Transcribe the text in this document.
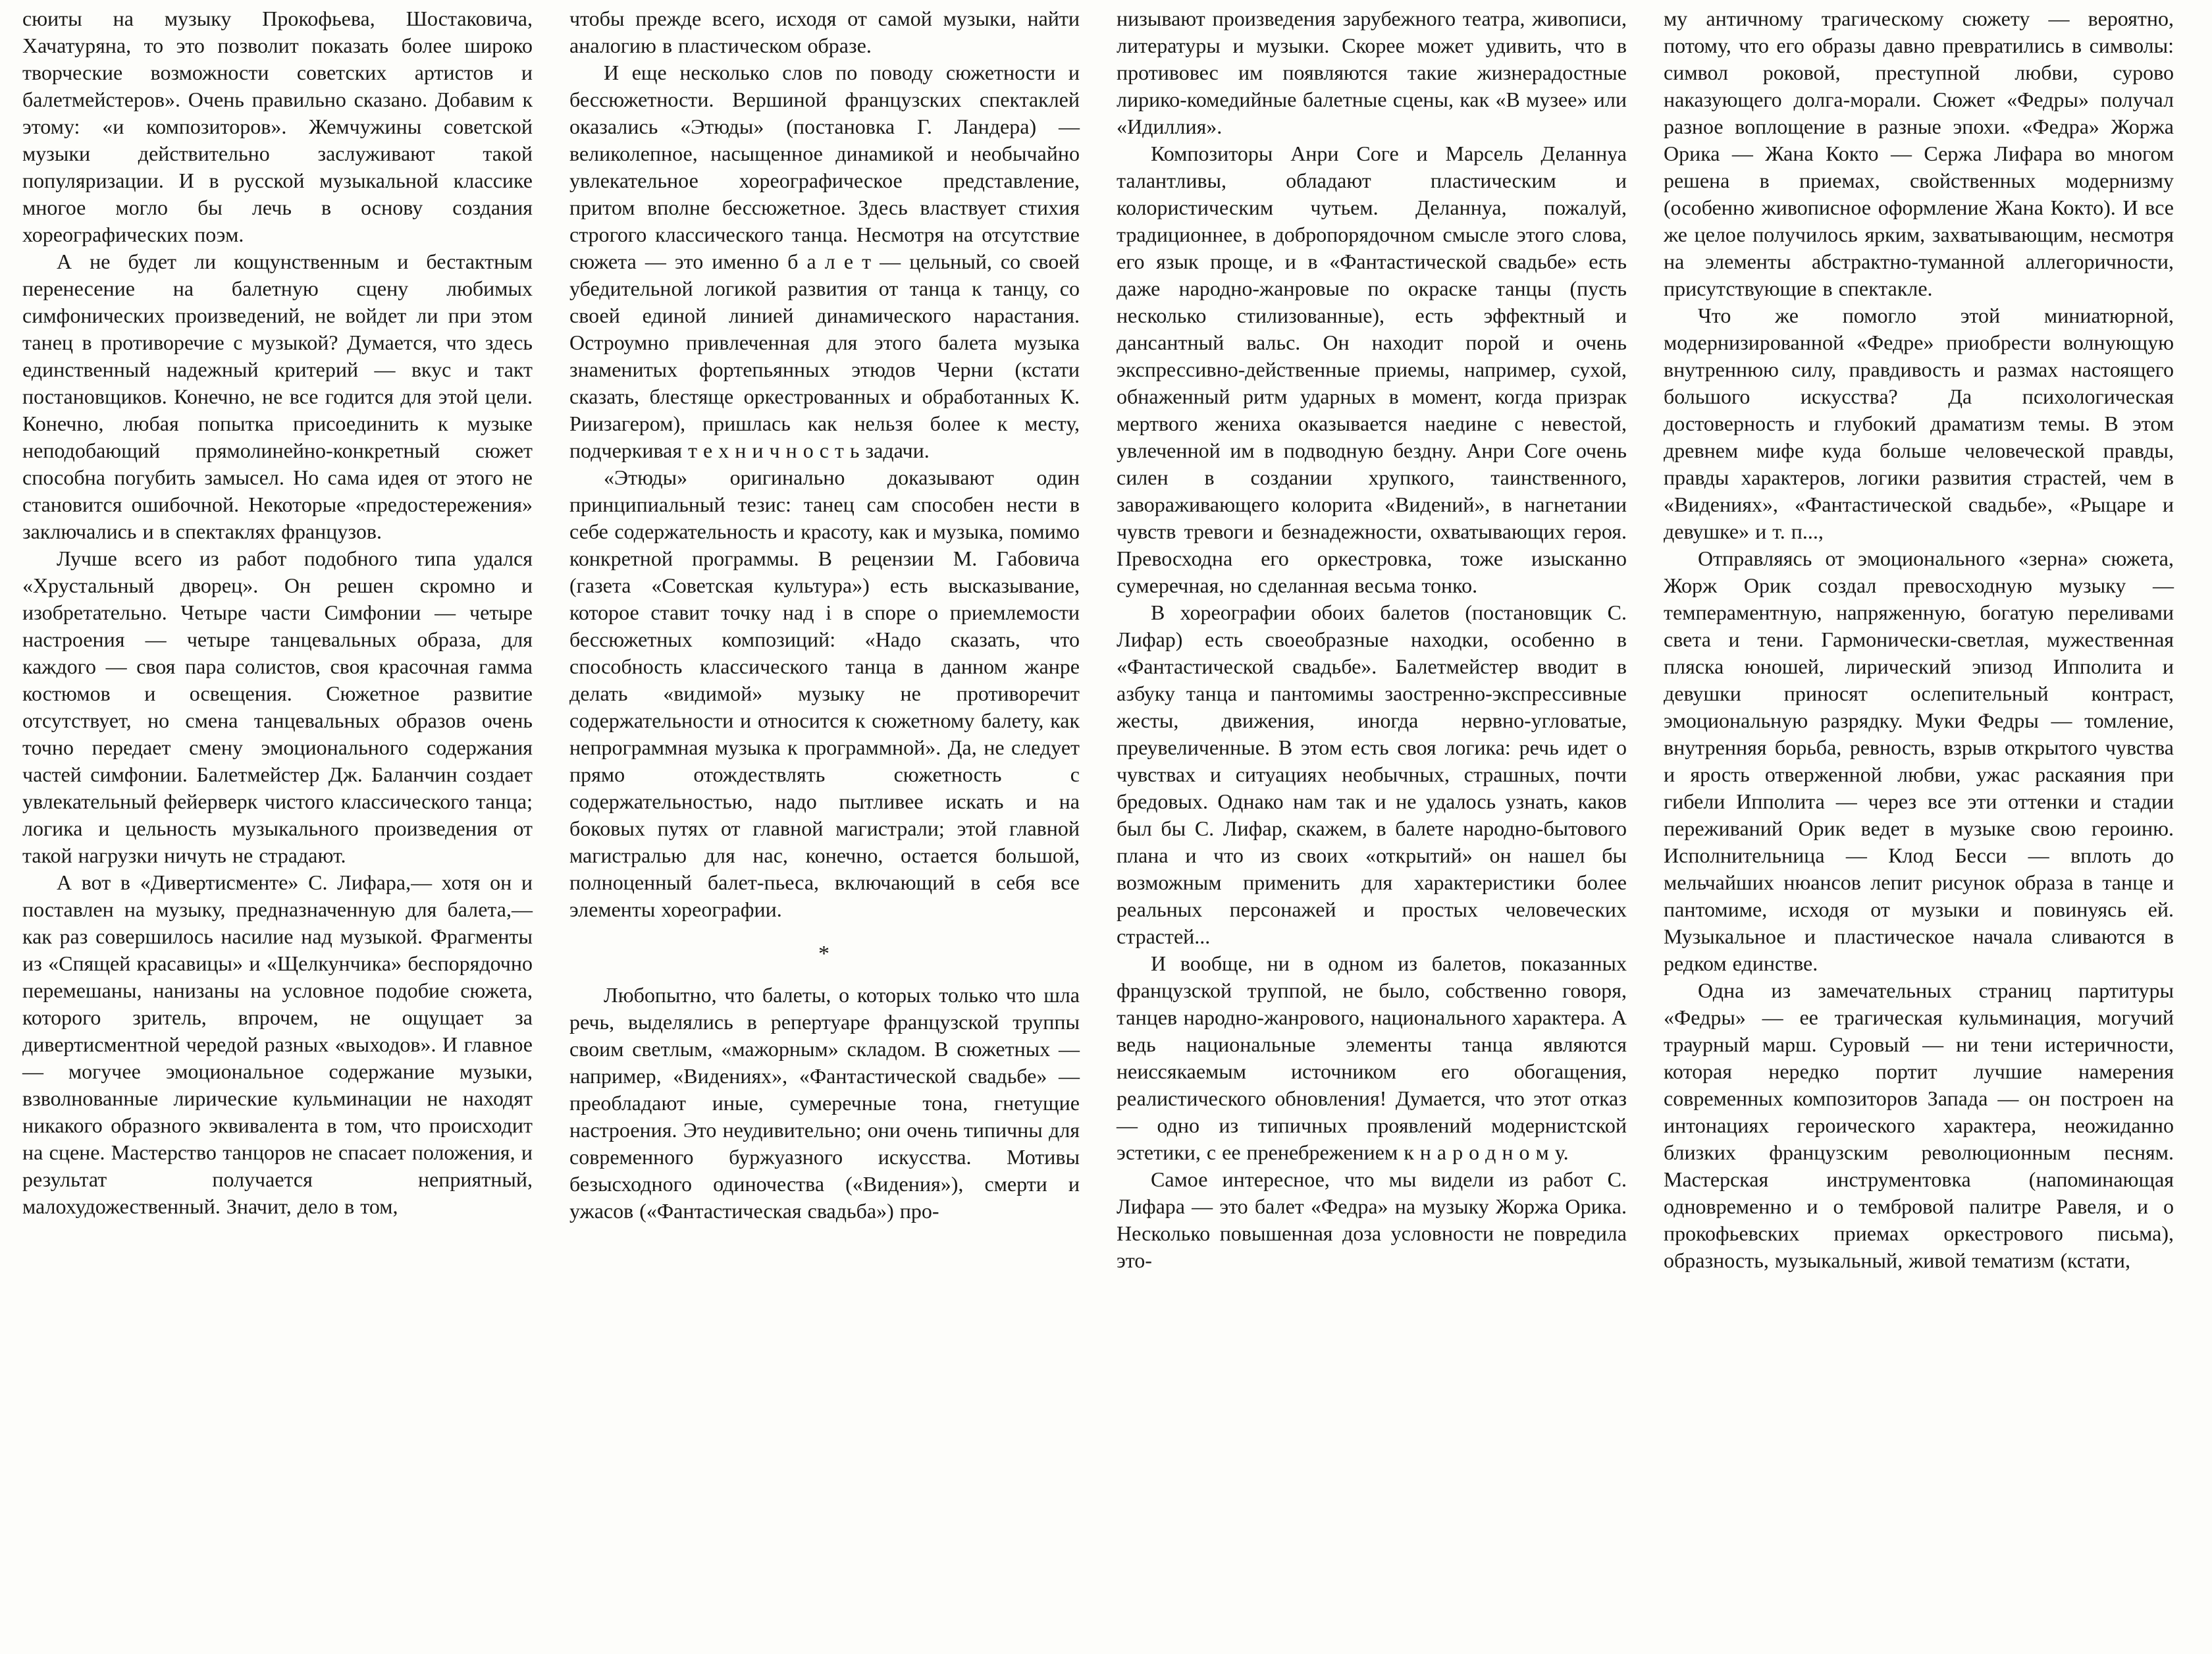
сюиты на музыку Прокофьева, Шостаковича, Хачатуряна, то это позволит показать более широко творческие возможности советских артистов и балетмейстеров». Очень правильно сказано. Добавим к этому: «и композиторов». Жемчужины советской музыки действительно заслуживают такой популяризации. И в русской музыкальной классике многое могло бы лечь в основу создания хореографических поэм.

А не будет ли кощунственным и бестактным перенесение на балетную сцену любимых симфонических произведений, не войдет ли при этом танец в противоречие с музыкой? Думается, что здесь единственный надежный критерий — вкус и такт постановщиков. Конечно, не все годится для этой цели. Конечно, любая попытка присоединить к музыке неподобающий прямолинейно-конкретный сюжет способна погубить замысел. Но сама идея от этого не становится ошибочной. Некоторые «предостережения» заключались и в спектаклях французов.

Лучше всего из работ подобного типа удался «Хрустальный дворец». Он решен скромно и изобретательно. Четыре части Симфонии — четыре настроения — четыре танцевальных образа, для каждого — своя пара солистов, своя красочная гамма костюмов и освещения. Сюжетное развитие отсутствует, но смена танцевальных образов очень точно передает смену эмоционального содержания частей симфонии. Балетмейстер Дж. Баланчин создает увлекательный фейерверк чистого классического танца; логика и цельность музыкального произведения от такой нагрузки ничуть не страдают.

А вот в «Дивертисменте» С. Лифара,— хотя он и поставлен на музыку, предназначенную для балета,— как раз совершилось насилие над музыкой. Фрагменты из «Спящей красавицы» и «Щелкунчика» беспорядочно перемешаны, нанизаны на условное подобие сюжета, которого зритель, впрочем, не ощущает за дивертисментной чередой разных «выходов». И главное — могучее эмоциональное содержание музыки, взволнованные лирические кульминации не находят никакого образного эквивалента в том, что происходит на сцене. Мастерство танцоров не спасает положения, и результат получается неприятный, малохудожественный. Значит, дело в том,

чтобы прежде всего, исходя от самой музыки, найти аналогию в пластическом образе.

И еще несколько слов по поводу сюжетности и бессюжетности. Вершиной французских спектаклей оказались «Этюды» (постановка Г. Ландера) — великолепное, насыщенное динамикой и необычайно увлекательное хореографическое представление, притом вполне бессюжетное. Здесь властвует стихия строгого классического танца. Несмотря на отсутствие сюжета — это именно б а л е т — цельный, со своей убедительной логикой развития от танца к танцу, со своей единой линией динамического нарастания. Остроумно привлеченная для этого балета музыка знаменитых фортепьянных этюдов Черни (кстати сказать, блестяще оркестрованных и обработанных К. Риизагером), пришлась как нельзя более к месту, подчеркивая т е х н и ч н о с т ь задачи.

«Этюды» оригинально доказывают один принципиальный тезис: танец сам способен нести в себе содержательность и красоту, как и музыка, помимо конкретной программы. В рецензии М. Габовича (газета «Советская культура») есть высказывание, которое ставит точку над i в споре о приемлемости бессюжетных композиций: «Надо сказать, что способность классического танца в данном жанре делать «видимой» музыку не противоречит содержательности и относится к сюжетному балету, как непрограммная музыка к программной». Да, не следует прямо отождествлять сюжетность с содержательностью, надо пытливее искать и на боковых путях от главной магистрали; этой главной магистралью для нас, конечно, остается большой, полноценный балет-пьеса, включающий в себя все элементы хореографии.

*

Любопытно, что балеты, о которых только что шла речь, выделялись в репертуаре французской труппы своим светлым, «мажорным» складом. В сюжетных — например, «Видениях», «Фантастической свадьбе» — преобладают иные, сумеречные тона, гнетущие настроения. Это неудивительно; они очень типичны для современного буржуазного искусства. Мотивы безысходного одиночества («Видения»), смерти и ужасов («Фантастическая свадьба») про-

низывают произведения зарубежного театра, живописи, литературы и музыки. Скорее может удивить, что в противовес им появляются такие жизнерадостные лирико-комедийные балетные сцены, как «В музее» или «Идиллия».

Композиторы Анри Соге и Марсель Деланнуа талантливы, обладают пластическим и колористическим чутьем. Деланнуа, пожалуй, традиционнее, в добропорядочном смысле этого слова, его язык проще, и в «Фантастической свадьбе» есть даже народно-жанровые по окраске танцы (пусть несколько стилизованные), есть эффектный и дансантный вальс. Он находит порой и очень экспрессивно-действенные приемы, например, сухой, обнаженный ритм ударных в момент, когда призрак мертвого жениха оказывается наедине с невестой, увлеченной им в подводную бездну. Анри Соге очень силен в создании хрупкого, таинственного, завораживающего колорита «Видений», в нагнетании чувств тревоги и безнадежности, охватывающих героя. Превосходна его оркестровка, тоже изысканно сумеречная, но сделанная весьма тонко.

В хореографии обоих балетов (постановщик С. Лифар) есть своеобразные находки, особенно в «Фантастической свадьбе». Балетмейстер вводит в азбуку танца и пантомимы заостренно-экспрессивные жесты, движения, иногда нервно-угловатые, преувеличенные. В этом есть своя логика: речь идет о чувствах и ситуациях необычных, страшных, почти бредовых. Однако нам так и не удалось узнать, каков был бы С. Лифар, скажем, в балете народно-бытового плана и что из своих «открытий» он нашел бы возможным применить для характеристики более реальных персонажей и простых человеческих страстей...

И вообще, ни в одном из балетов, показанных французской труппой, не было, собственно говоря, танцев народно-жанрового, национального характера. А ведь национальные элементы танца являются неиссякаемым источником его обогащения, реалистического обновления! Думается, что этот отказ — одно из типичных проявлений модернистской эстетики, с ее пренебрежением к н а р о д н о м у.

Самое интересное, что мы видели из работ С. Лифара — это балет «Федра» на музыку Жоржа Орика. Несколько повышенная доза условности не повредила это-

му античному трагическому сюжету — вероятно, потому, что его образы давно превратились в символы: символ роковой, преступной любви, сурово наказующего долга-морали. Сюжет «Федры» получал разное воплощение в разные эпохи. «Федра» Жоржа Орика — Жана Кокто — Сержа Лифара во многом решена в приемах, свойственных модернизму (особенно живописное оформление Жана Кокто). И все же целое получилось ярким, захватывающим, несмотря на элементы абстрактно-туманной аллегоричности, присутствующие в спектакле.

Что же помогло этой миниатюрной, модернизированной «Федре» приобрести волнующую внутреннюю силу, правдивость и размах настоящего большого искусства? Да психологическая достоверность и глубокий драматизм темы. В этом древнем мифе куда больше человеческой правды, правды характеров, логики развития страстей, чем в «Видениях», «Фантастической свадьбе», «Рыцаре и девушке» и т. п...,

Отправляясь от эмоционального «зерна» сюжета, Жорж Орик создал превосходную музыку — темпераментную, напряженную, богатую переливами света и тени. Гармонически-светлая, мужественная пляска юношей, лирический эпизод Ипполита и девушки приносят ослепительный контраст, эмоциональную разрядку. Муки Федры — томление, внутренняя борьба, ревность, взрыв открытого чувства и ярость отверженной любви, ужас раскаяния при гибели Ипполита — через все эти оттенки и стадии переживаний Орик ведет в музыке свою героиню. Исполнительница — Клод Бесси — вплоть до мельчайших нюансов лепит рисунок образа в танце и пантомиме, исходя от музыки и повинуясь ей. Музыкальное и пластическое начала сливаются в редком единстве.

Одна из замечательных страниц партитуры «Федры» — ее трагическая кульминация, могучий траурный марш. Суровый — ни тени истеричности, которая нередко портит лучшие намерения современных композиторов Запада — он построен на интонациях героического характера, неожиданно близких французским революционным песням. Мастерская инструментовка (напоминающая одновременно и о тембровой палитре Равеля, и о прокофьевских приемах оркестрового письма), образность, музыкальный, живой тематизм (кстати,
